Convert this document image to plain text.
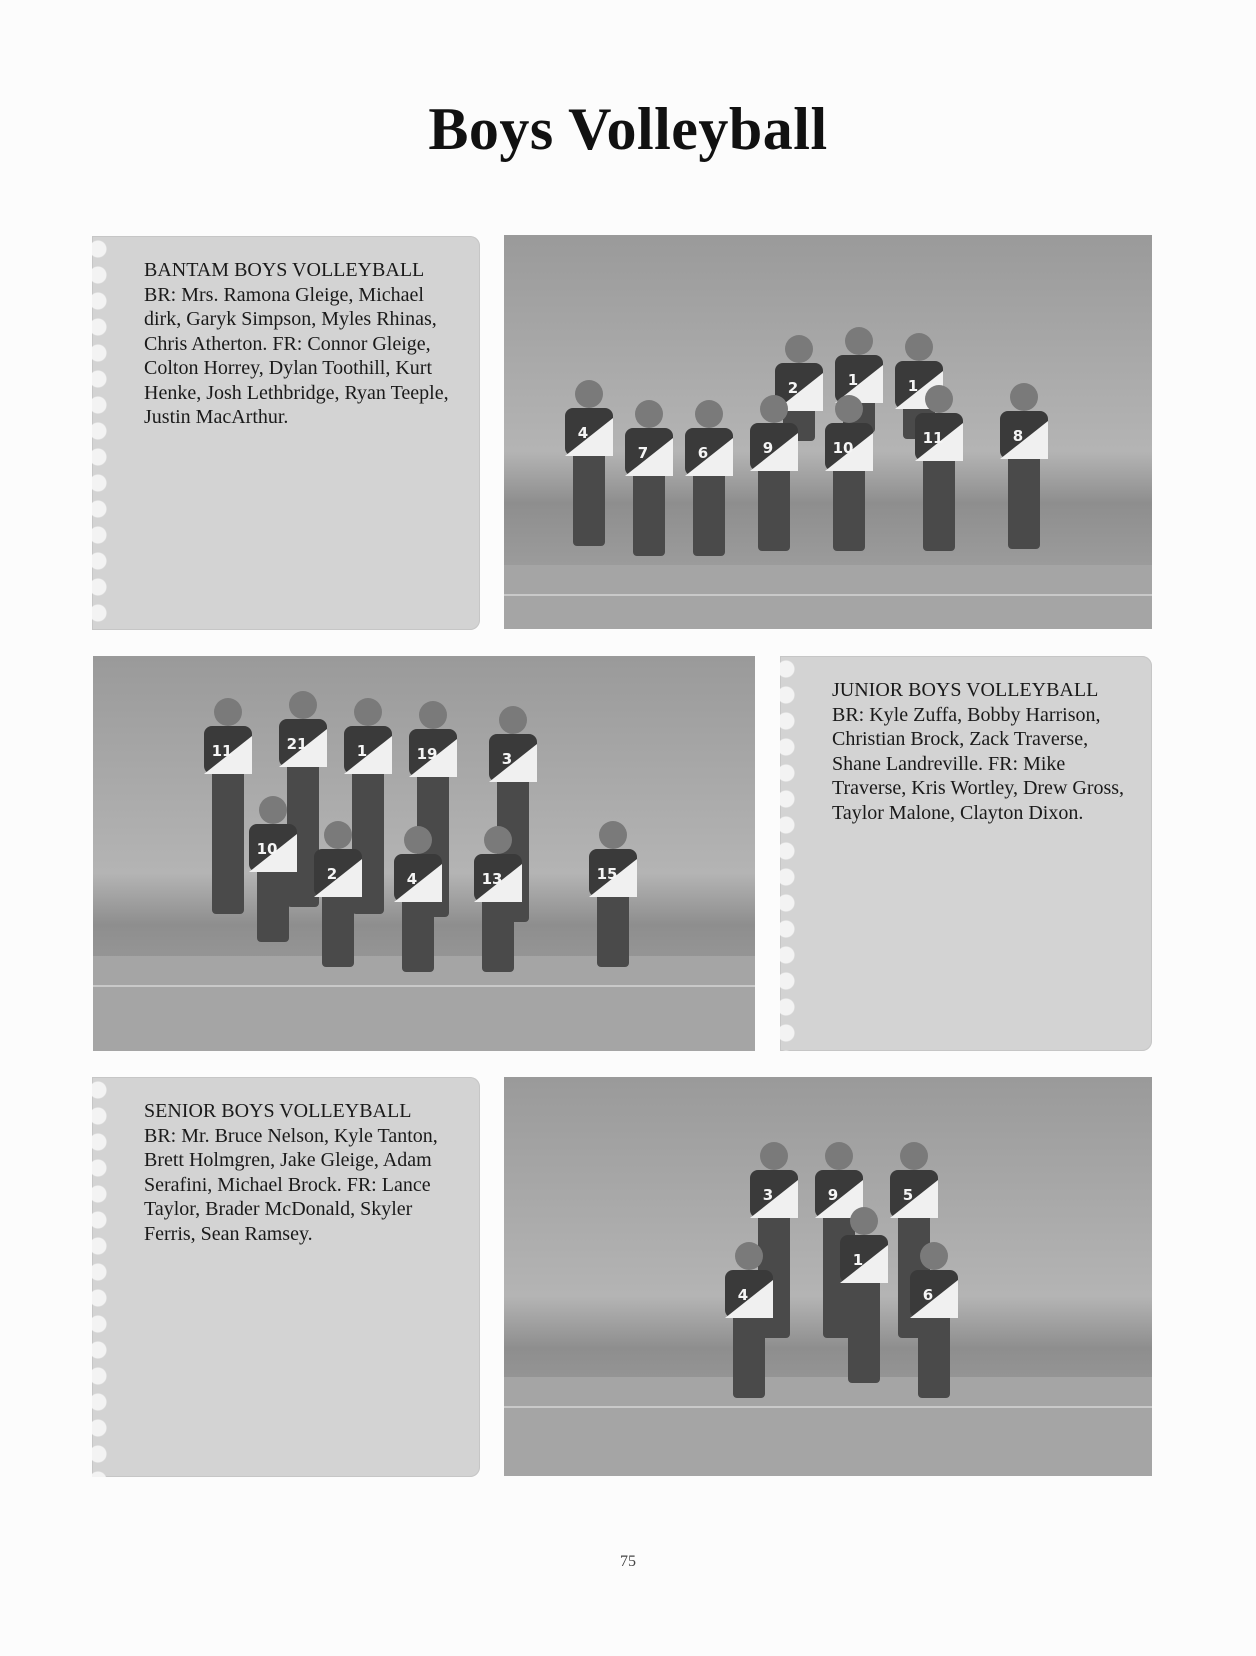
Boys Volleyball
BANTAM BOYS VOLLEYBALL
BR: Mrs. Ramona Gleige, Michael dirk, Garyk Simpson, Myles Rhinas, Chris Atherton. FR: Connor Gleige, Colton Horrey, Dylan Toothill, Kurt Henke, Josh Lethbridge, Ryan Teeple, Justin MacArthur.
2	1	1
4
7	6	9	10
11	8
11	21	1	19	3
10
2	4	13	15
JUNIOR BOYS VOLLEYBALL
BR: Kyle Zuffa, Bobby Harrison, Christian Brock, Zack Traverse, Shane Landreville. FR: Mike Traverse, Kris Wortley, Drew Gross, Taylor Malone, Clayton Dixon.
SENIOR BOYS VOLLEYBALL
BR: Mr. Bruce Nelson, Kyle Tanton, Brett Holmgren, Jake Gleige, Adam Serafini, Michael Brock. FR: Lance Taylor, Brader McDonald, Skyler Ferris, Sean Ramsey.
3	9	5
4
1
6
75
